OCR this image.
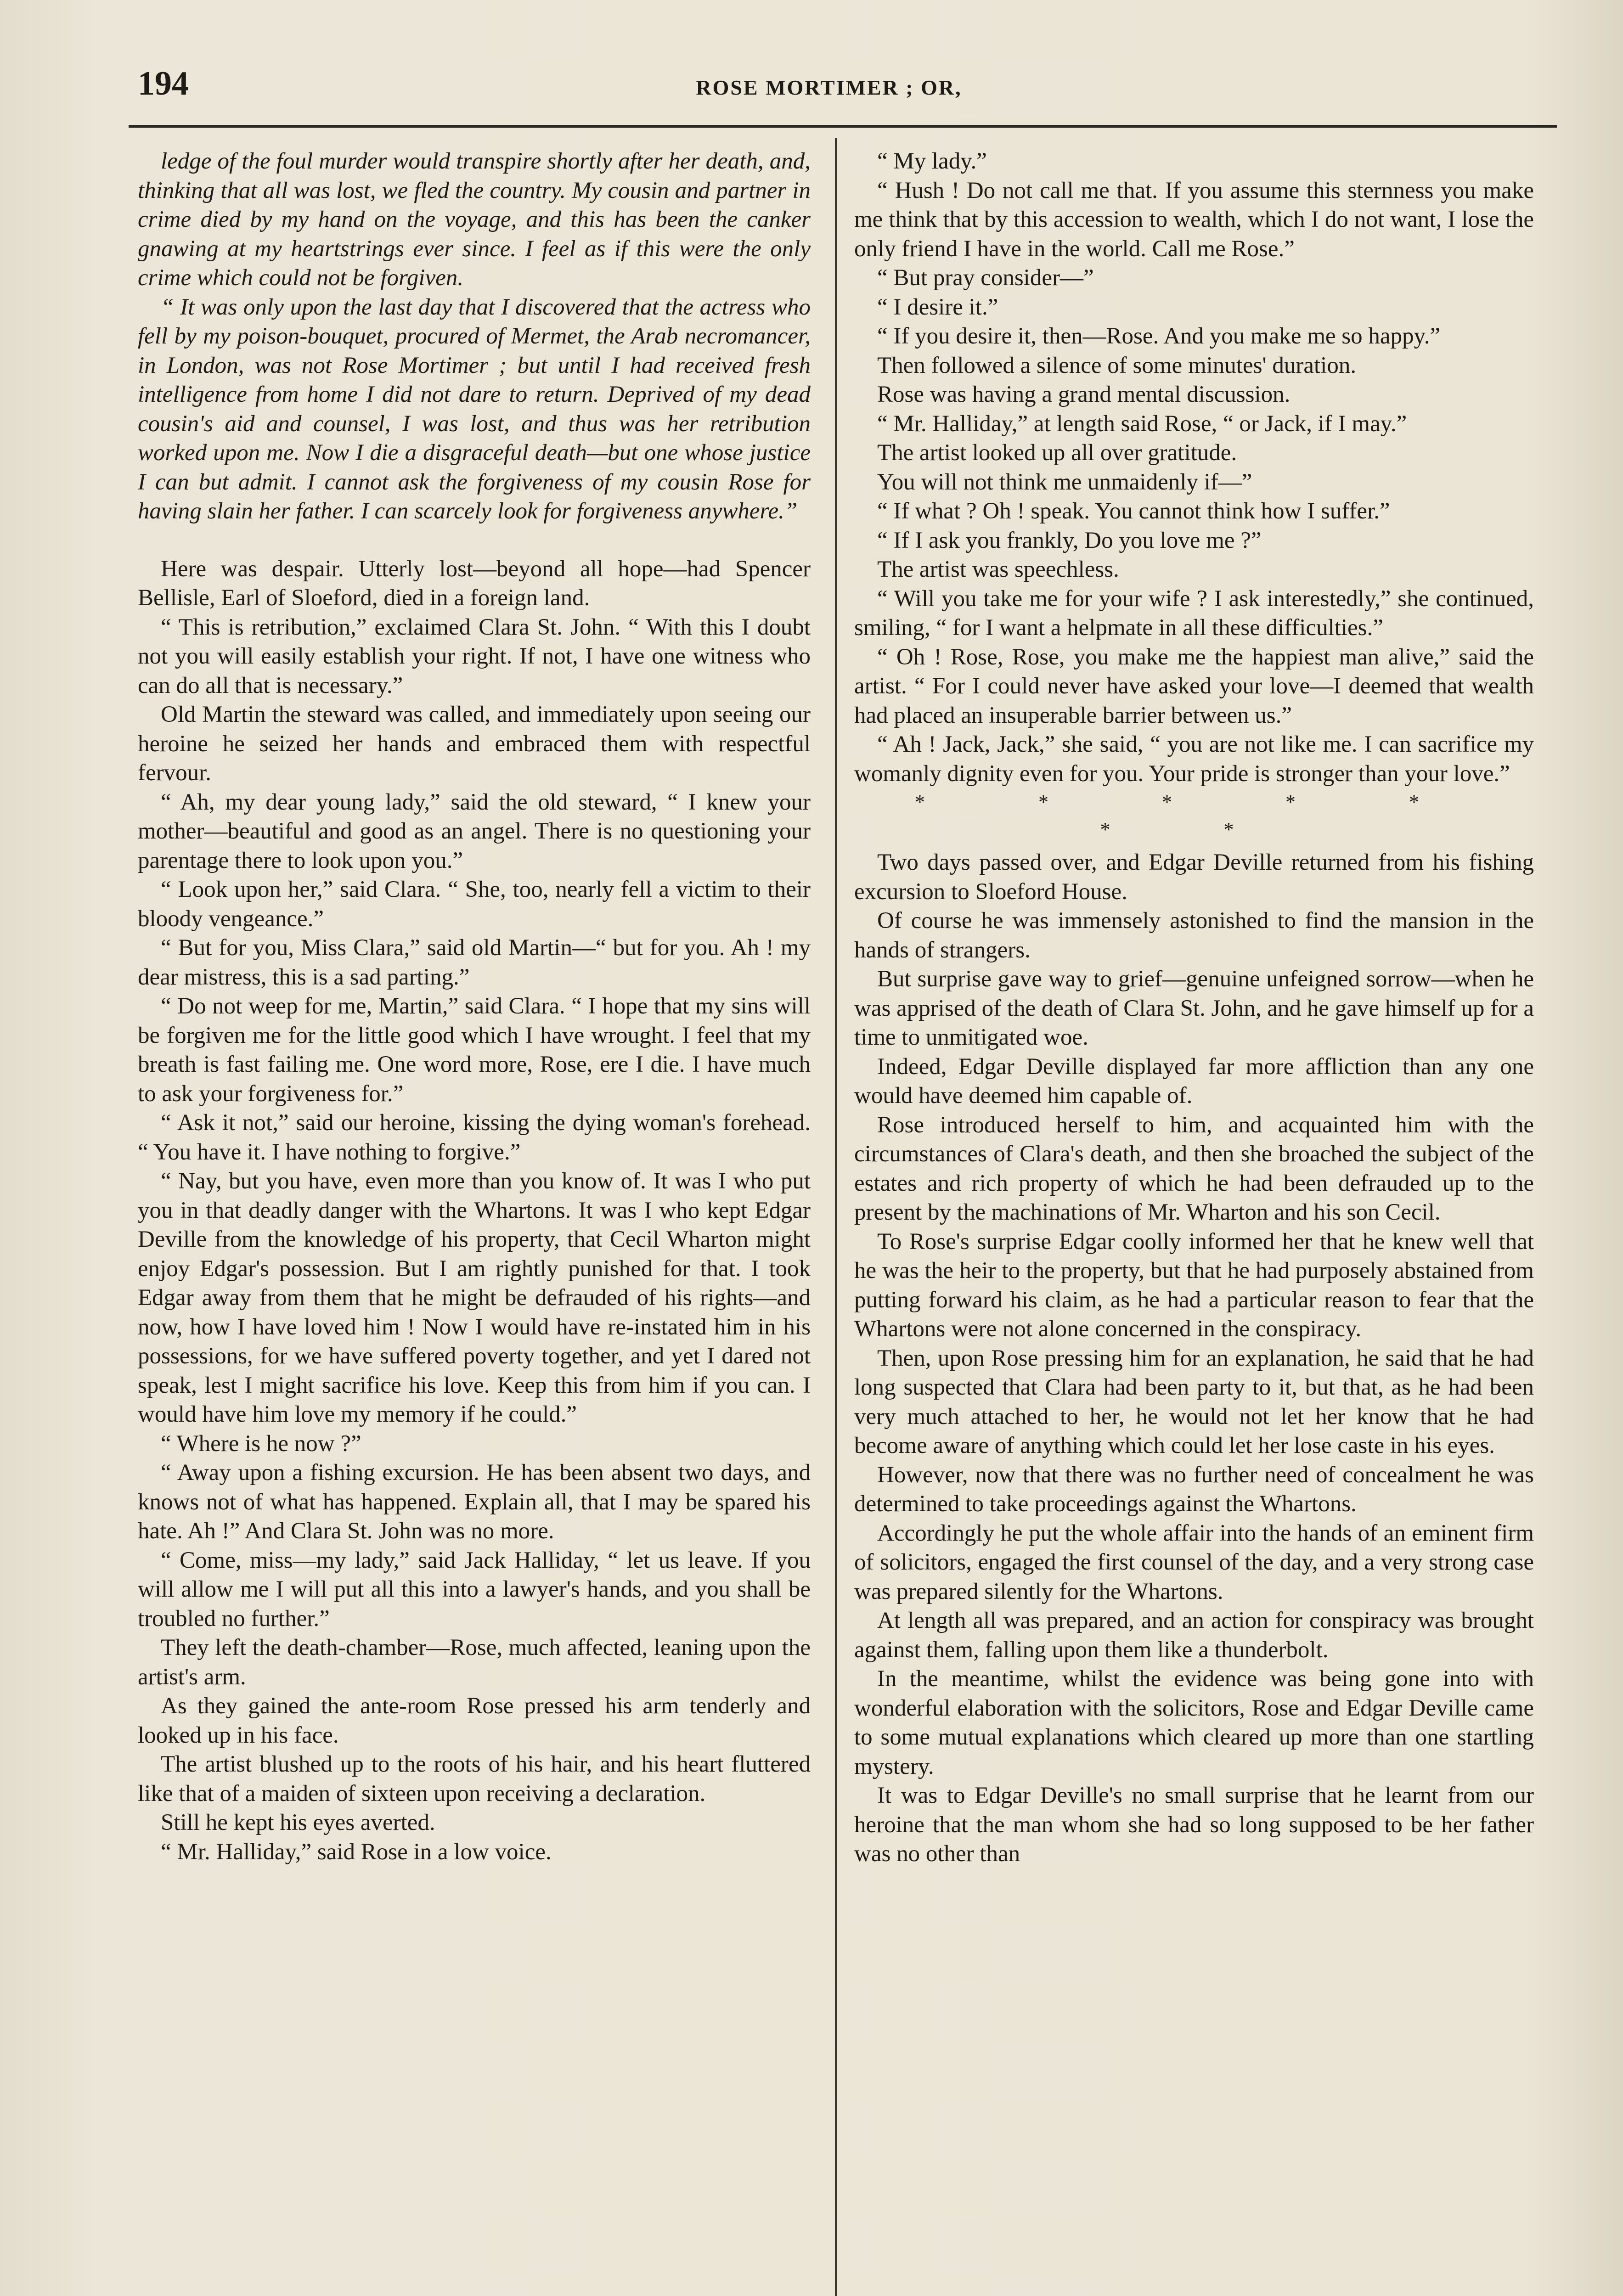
194	ROSE MORTIMER ; OR,

ledge of the foul murder would transpire shortly after her death, and, thinking that all was lost, we fled the country. My cousin and partner in crime died by my hand on the voyage, and this has been the canker gnawing at my heartstrings ever since. I feel as if this were the only crime which could not be forgiven.

“ It was only upon the last day that I discovered that the actress who fell by my poison-bouquet, procured of Mermet, the Arab necromancer, in London, was not Rose Mortimer ; but until I had received fresh intelligence from home I did not dare to return. Deprived of my dead cousin's aid and counsel, I was lost, and thus was her retribution worked upon me. Now I die a disgraceful death—but one whose justice I can but admit. I cannot ask the forgiveness of my cousin Rose for having slain her father. I can scarcely look for forgiveness anywhere.”

Here was despair. Utterly lost—beyond all hope—had Spencer Bellisle, Earl of Sloeford, died in a foreign land.

“ This is retribution,” exclaimed Clara St. John. “ With this I doubt not you will easily establish your right. If not, I have one witness who can do all that is necessary.”

Old Martin the steward was called, and immediately upon seeing our heroine he seized her hands and embraced them with respectful fervour.

“ Ah, my dear young lady,” said the old steward, “ I knew your mother—beautiful and good as an angel. There is no questioning your parentage there to look upon you.”

“ Look upon her,” said Clara. “ She, too, nearly fell a victim to their bloody vengeance.”

“ But for you, Miss Clara,” said old Martin—“ but for you. Ah ! my dear mistress, this is a sad parting.”

“ Do not weep for me, Martin,” said Clara. “ I hope that my sins will be forgiven me for the little good which I have wrought. I feel that my breath is fast failing me. One word more, Rose, ere I die. I have much to ask your forgiveness for.”

“ Ask it not,” said our heroine, kissing the dying woman's forehead. “ You have it. I have nothing to forgive.”

“ Nay, but you have, even more than you know of. It was I who put you in that deadly danger with the Whartons. It was I who kept Edgar Deville from the knowledge of his property, that Cecil Wharton might enjoy Edgar's possession. But I am rightly punished for that. I took Edgar away from them that he might be defrauded of his rights—and now, how I have loved him ! Now I would have re-instated him in his possessions, for we have suffered poverty together, and yet I dared not speak, lest I might sacrifice his love. Keep this from him if you can. I would have him love my memory if he could.”

“ Where is he now ?”

“ Away upon a fishing excursion. He has been absent two days, and knows not of what has happened. Explain all, that I may be spared his hate. Ah !” And Clara St. John was no more.

“ Come, miss—my lady,” said Jack Halliday, “ let us leave. If you will allow me I will put all this into a lawyer's hands, and you shall be troubled no further.”

They left the death-chamber—Rose, much affected, leaning upon the artist's arm.

As they gained the ante-room Rose pressed his arm tenderly and looked up in his face.

The artist blushed up to the roots of his hair, and his heart fluttered like that of a maiden of sixteen upon receiving a declaration.

Still he kept his eyes averted.

“ Mr. Halliday,” said Rose in a low voice.

“ My lady.”

“ Hush ! Do not call me that. If you assume this sternness you make me think that by this accession to wealth, which I do not want, I lose the only friend I have in the world. Call me Rose.”

“ But pray consider—”

“ I desire it.”

“ If you desire it, then—Rose. And you make me so happy.”

Then followed a silence of some minutes' duration.

Rose was having a grand mental discussion.

“ Mr. Halliday,” at length said Rose, “ or Jack, if I may.”

The artist looked up all over gratitude.

You will not think me unmaidenly if—”

“ If what ? Oh ! speak. You cannot think how I suffer.”

“ If I ask you frankly, Do you love me ?”

The artist was speechless.

“ Will you take me for your wife ? I ask interestedly,” she continued, smiling, “ for I want a helpmate in all these difficulties.”

“ Oh ! Rose, Rose, you make me the happiest man alive,” said the artist. “ For I could never have asked your love—I deemed that wealth had placed an insuperable barrier between us.”

“ Ah ! Jack, Jack,” she said, “ you are not like me. I can sacrifice my womanly dignity even for you. Your pride is stronger than your love.”

* * * * * * *

Two days passed over, and Edgar Deville returned from his fishing excursion to Sloeford House.

Of course he was immensely astonished to find the mansion in the hands of strangers.

But surprise gave way to grief—genuine unfeigned sorrow—when he was apprised of the death of Clara St. John, and he gave himself up for a time to unmitigated woe.

Indeed, Edgar Deville displayed far more affliction than any one would have deemed him capable of.

Rose introduced herself to him, and acquainted him with the circumstances of Clara's death, and then she broached the subject of the estates and rich property of which he had been defrauded up to the present by the machinations of Mr. Wharton and his son Cecil.

To Rose's surprise Edgar coolly informed her that he knew well that he was the heir to the property, but that he had purposely abstained from putting forward his claim, as he had a particular reason to fear that the Whartons were not alone concerned in the conspiracy.

Then, upon Rose pressing him for an explanation, he said that he had long suspected that Clara had been party to it, but that, as he had been very much attached to her, he would not let her know that he had become aware of anything which could let her lose caste in his eyes.

However, now that there was no further need of concealment he was determined to take proceedings against the Whartons.

Accordingly he put the whole affair into the hands of an eminent firm of solicitors, engaged the first counsel of the day, and a very strong case was prepared silently for the Whartons.

At length all was prepared, and an action for conspiracy was brought against them, falling upon them like a thunderbolt.

In the meantime, whilst the evidence was being gone into with wonderful elaboration with the solicitors, Rose and Edgar Deville came to some mutual explanations which cleared up more than one startling mystery.

It was to Edgar Deville's no small surprise that he learnt from our heroine that the man whom she had so long supposed to be her father was no other than
